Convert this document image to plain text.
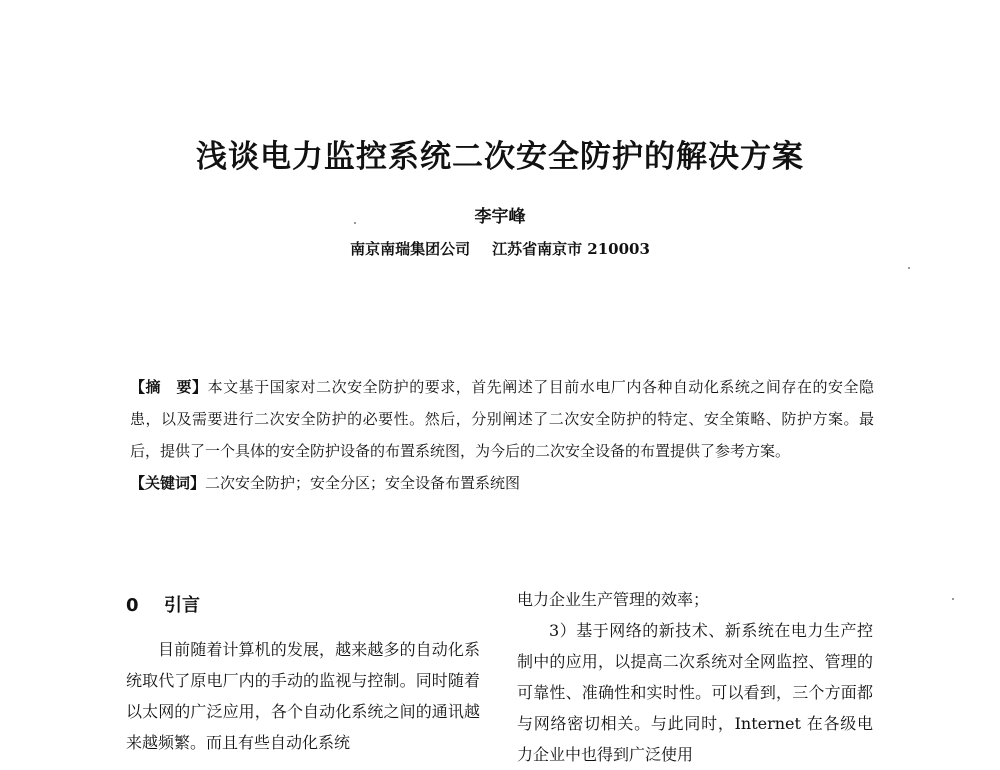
浅谈电力监控系统二次安全防护的解决方案
李宇峰
南京南瑞集团公司 江苏省南京市 210003

【摘　要】本文基于国家对二次安全防护的要求，首先阐述了目前水电厂内各种自动化系统之间存在的安全隐患，以及需要进行二次安全防护的必要性。然后，分别阐述了二次安全防护的特定、安全策略、防护方案。最后，提供了一个具体的安全防护设备的布置系统图，为今后的二次安全设备的布置提供了参考方案。

【关键词】二次安全防护；安全分区；安全设备布置系统图

0 引言

目前随着计算机的发展，越来越多的自动化系统取代了原电厂内的手动的监视与控制。同时随着以太网的广泛应用，各个自动化系统之间的通讯越来越频繁。而且有些自动化系统

电力企业生产管理的效率；

3）基于网络的新技术、新系统在电力生产控制中的应用，以提高二次系统对全网监控、管理的可靠性、准确性和实时性。可以看到，三个方面都与网络密切相关。与此同时，Internet 在各级电力企业中也得到广泛使用
